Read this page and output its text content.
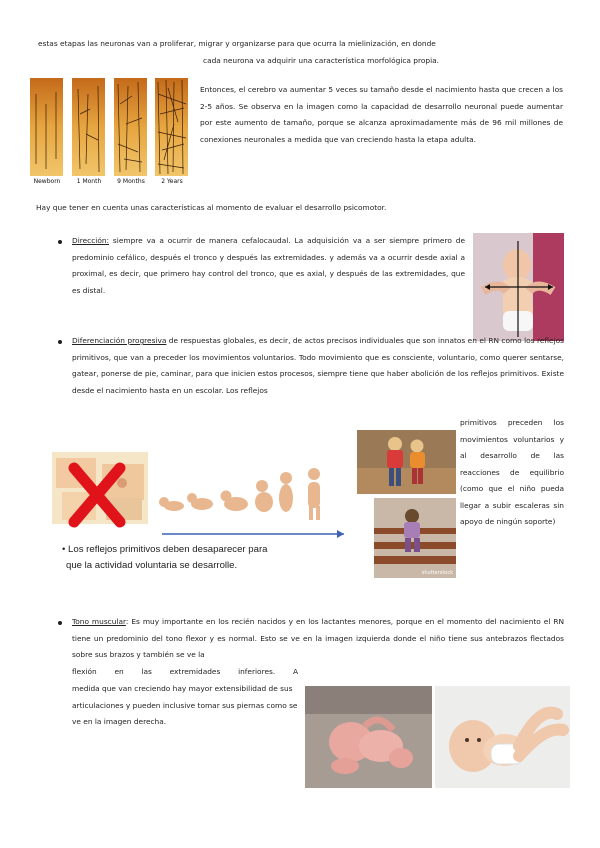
estas etapas las neuronas van a proliferar, migrar y organizarse para que ocurra la mielinización, en donde
cada neurona va adquirir una característica morfológica propia.
Newborn	1 Month	9 Months	2 Years
Entonces, el cerebro va aumentar 5 veces su tamaño desde el nacimiento hasta que crecen a los 2-5 años. Se observa en la imagen como la capacidad de desarrollo neuronal puede aumentar por este aumento de tamaño, porque se alcanza aproximadamente más de 96 mil millones de conexiones neuronales a medida que van creciendo hasta la etapa adulta.
Hay que tener en cuenta unas características al momento de evaluar el desarrollo psicomotor.
Dirección: siempre va a ocurrir de manera cefalocaudal. La adquisición va a ser siempre primero de predominio cefálico, después el tronco y después las extremidades. y además va a ocurrir desde axial a proximal, es decir, que primero hay control del tronco, que es axial, y después de las extremidades, que es distal.
Diferenciación progresiva de respuestas globales, es decir, de actos precisos individuales que son innatos en el RN como los reflejos primitivos, que van a preceder los movimientos voluntarios. Todo movimiento que es consciente, voluntario, como querer sentarse, gatear, ponerse de pie, caminar, para que inicien estos procesos, siempre tiene que haber abolición de los reflejos primitivos. Existe desde el nacimiento hasta en un escolar. Los reflejos
primitivos preceden los movimientos voluntarios y al desarrollo de las reacciones de equilibrio (como que el niño pueda llegar a subir escaleras sin apoyo de ningún soporte)
• Los reflejos primitivos deben desaparecer para
que la actividad voluntaria se desarrolle.
shutterstock
Tono muscular: Es muy importante en los recién nacidos y en los lactantes menores, porque en el momento del nacimiento el RN tiene un predominio del tono flexor y es normal. Esto se ve en la imagen izquierda donde el niño tiene sus antebrazos flectados sobre sus brazos y también se ve la
flexión en las extremidades inferiores. A
medida que van creciendo hay mayor extensibilidad de sus articulaciones y pueden inclusive tomar sus piernas como se ve en la imagen derecha.
